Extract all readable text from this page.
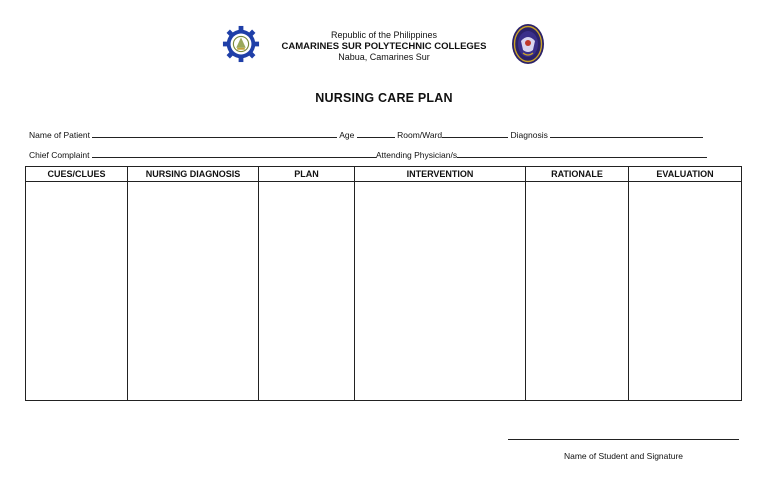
Republic of the Philippines
CAMARINES SUR POLYTECHNIC COLLEGES
Nabua, Camarines Sur
NURSING CARE PLAN
Name of Patient	Age	Room/Ward	Diagnosis
Chief Complaint	Attending Physician/s
CUES/CLUES	NURSING DIAGNOSIS	PLAN	INTERVENTION	RATIONALE	EVALUATION

Name of Student and Signature
